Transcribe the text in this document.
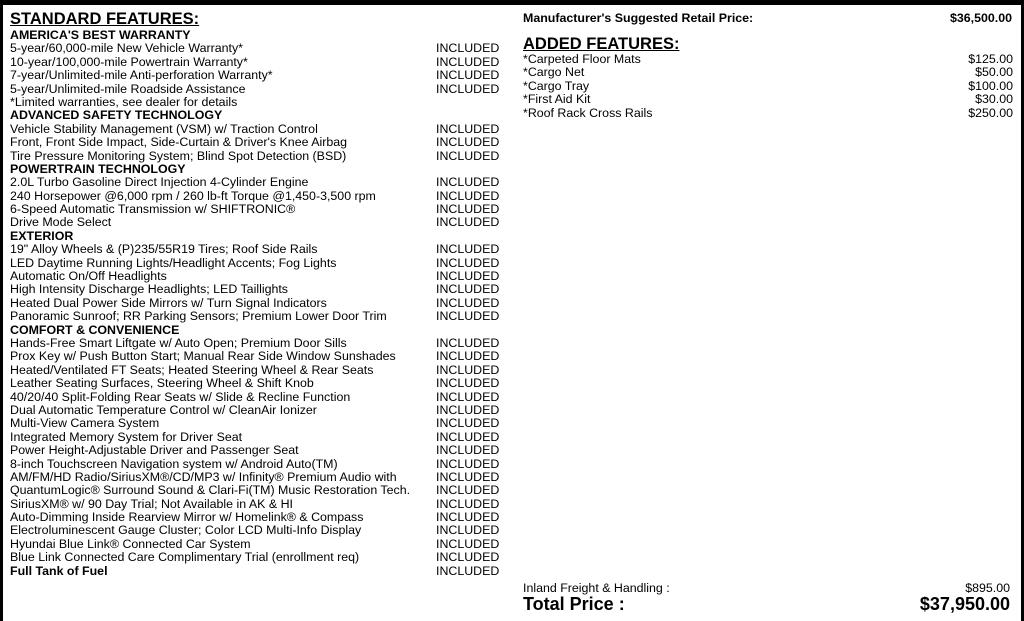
STANDARD FEATURES:
AMERICA'S BEST WARRANTY
5-year/60,000-mile New Vehicle Warranty*	INCLUDED
10-year/100,000-mile Powertrain Warranty*	INCLUDED
7-year/Unlimited-mile Anti-perforation Warranty*	INCLUDED
5-year/Unlimited-mile Roadside Assistance	INCLUDED
*Limited warranties, see dealer for details
ADVANCED SAFETY TECHNOLOGY
Vehicle Stability Management (VSM) w/ Traction Control	INCLUDED
Front, Front Side Impact, Side-Curtain & Driver's Knee Airbag	INCLUDED
Tire Pressure Monitoring System; Blind Spot Detection (BSD)	INCLUDED
POWERTRAIN TECHNOLOGY
2.0L Turbo Gasoline Direct Injection 4-Cylinder Engine	INCLUDED
240 Horsepower @6,000 rpm / 260 lb-ft Torque @1,450-3,500 rpm	INCLUDED
6-Speed Automatic Transmission w/ SHIFTRONIC®	INCLUDED
Drive Mode Select	INCLUDED
EXTERIOR
19" Alloy Wheels & (P)235/55R19 Tires; Roof Side Rails	INCLUDED
LED Daytime Running Lights/Headlight Accents; Fog Lights	INCLUDED
Automatic On/Off Headlights	INCLUDED
High Intensity Discharge Headlights; LED Taillights	INCLUDED
Heated Dual Power Side Mirrors w/ Turn Signal Indicators	INCLUDED
Panoramic Sunroof; RR Parking Sensors; Premium Lower Door Trim	INCLUDED
COMFORT & CONVENIENCE
Hands-Free Smart Liftgate w/ Auto Open; Premium Door Sills	INCLUDED
Prox Key w/ Push Button Start; Manual Rear Side Window Sunshades	INCLUDED
Heated/Ventilated FT Seats; Heated Steering Wheel & Rear Seats	INCLUDED
Leather Seating Surfaces, Steering Wheel & Shift Knob	INCLUDED
40/20/40 Split-Folding Rear Seats w/ Slide & Recline Function	INCLUDED
Dual Automatic Temperature Control w/ CleanAir Ionizer	INCLUDED
Multi-View Camera System	INCLUDED
Integrated Memory System for Driver Seat	INCLUDED
Power Height-Adjustable Driver and Passenger Seat	INCLUDED
8-inch Touchscreen Navigation system w/ Android Auto(TM)	INCLUDED
AM/FM/HD Radio/SiriusXM®/CD/MP3 w/ Infinity® Premium Audio with	INCLUDED
QuantumLogic® Surround Sound & Clari-Fi(TM) Music Restoration Tech. INCLUDED
SiriusXM® w/ 90 Day Trial; Not Available in AK & HI	INCLUDED
Auto-Dimming Inside Rearview Mirror w/ Homelink® & Compass	INCLUDED
Electroluminescent Gauge Cluster; Color LCD Multi-Info Display	INCLUDED
Hyundai Blue Link® Connected Car System	INCLUDED
Blue Link Connected Care Complimentary Trial (enrollment req)	INCLUDED
Full Tank of Fuel	INCLUDED
Manufacturer's Suggested Retail Price:	$36,500.00
ADDED FEATURES:
*Carpeted Floor Mats	$125.00
*Cargo Net	$50.00
*Cargo Tray	$100.00
*First Aid Kit	$30.00
*Roof Rack Cross Rails	$250.00
Inland Freight & Handling :	$895.00
Total Price :	$37,950.00
